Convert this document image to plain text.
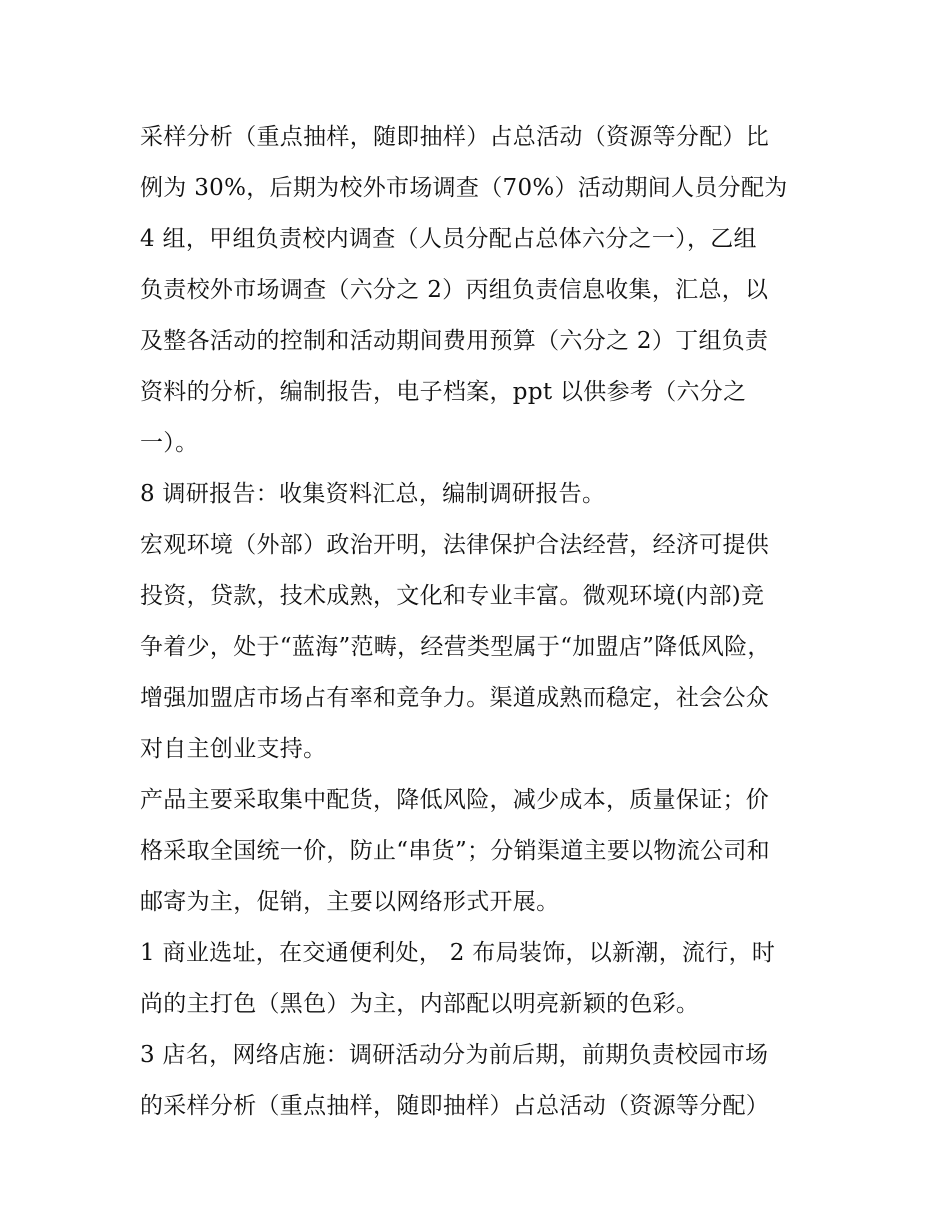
采样分析（重点抽样，随即抽样）占总活动（资源等分配）比
例为 30%，后期为校外市场调查（70%）活动期间人员分配为
4 组，甲组负责校内调查（人员分配占总体六分之一），乙组
负责校外市场调查（六分之 2）丙组负责信息收集，汇总，以
及整各活动的控制和活动期间费用预算（六分之 2）丁组负责
资料的分析，编制报告，电子档案，ppt 以供参考（六分之
一）。
8 调研报告：收集资料汇总，编制调研报告。
宏观环境（外部）政治开明，法律保护合法经营，经济可提供
投资，贷款，技术成熟，文化和专业丰富。微观环境(内部)竞
争着少，处于“蓝海”范畴，经营类型属于“加盟店”降低风险，
增强加盟店市场占有率和竞争力。渠道成熟而稳定，社会公众
对自主创业支持。
产品主要采取集中配货，降低风险，减少成本，质量保证；价
格采取全国统一价，防止“串货”；分销渠道主要以物流公司和
邮寄为主，促销，主要以网络形式开展。
1 商业选址，在交通便利处， 2 布局装饰，以新潮，流行，时
尚的主打色（黑色）为主，内部配以明亮新颖的色彩。
3 店名，网络店施：调研活动分为前后期，前期负责校园市场
的采样分析（重点抽样，随即抽样）占总活动（资源等分配）
